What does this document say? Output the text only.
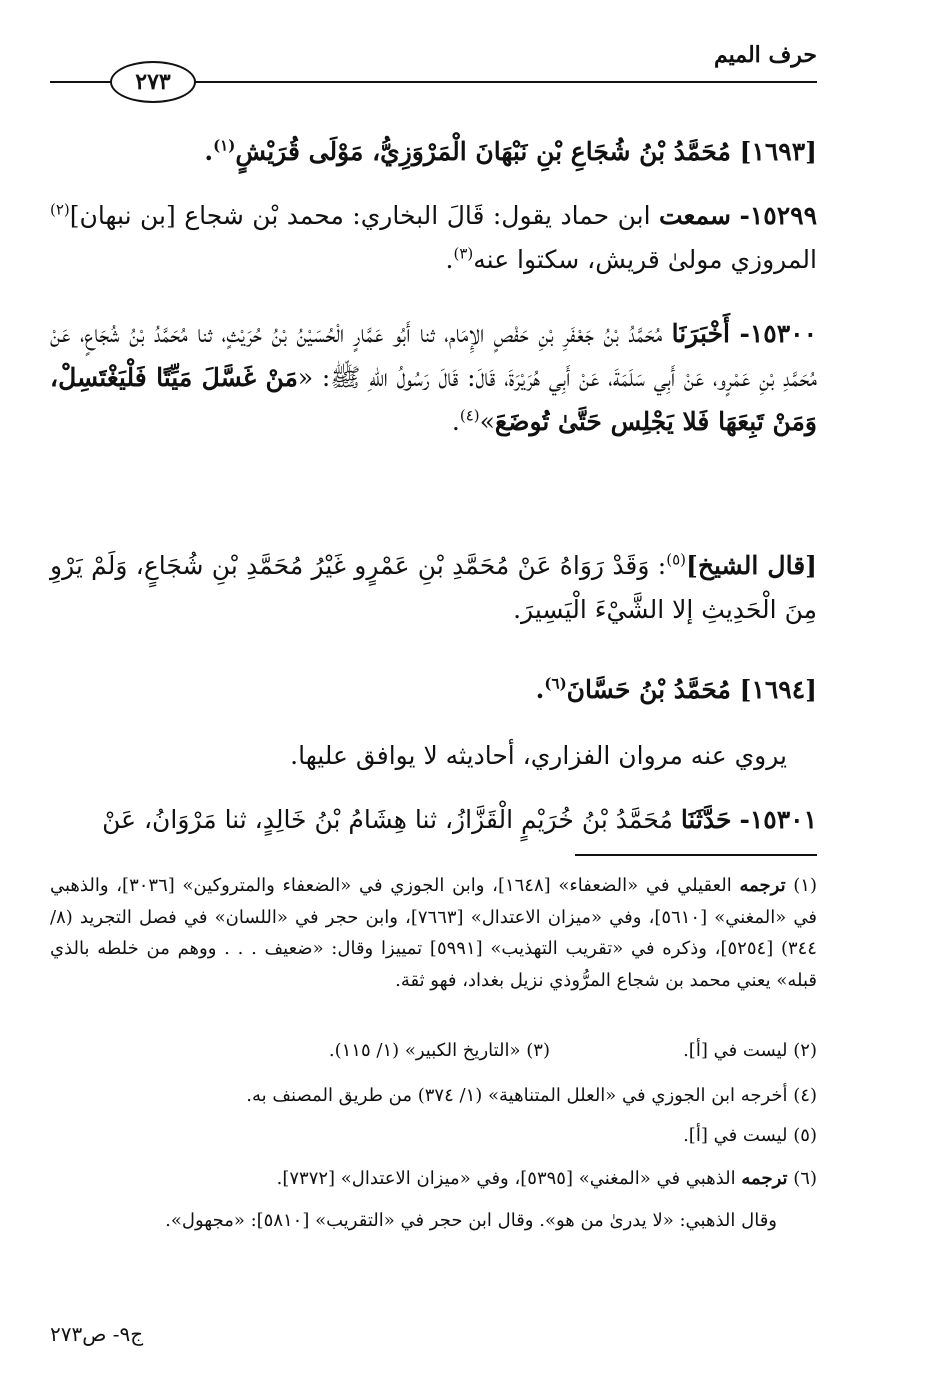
حرف الميم
٢٧٣
[١٦٩٣] مُحَمَّدُ بْنُ شُجَاعِ بْنِ نَبْهَانَ الْمَرْوَزِيُّ، مَوْلَى قُرَيْشٍ$^{(١)}$.
١٥٢٩٩- سمعت ابن حماد يقول: قَالَ البخاري: محمد بْن شجاع [بن نبهان]$^{(٢)}$ المروزي مولىٰ قريش، سكتوا عنه$^{(٣)}$.
١٥٣٠٠- أَخْبَرَنَا مُحَمَّدُ بْنُ جَعْفَرِ بْنِ حَفْصٍ الإِمَام، ثنا أَبُو عَمَّارٍ الْحُسَيْنُ بْنُ حُرَيْثٍ، ثنا مُحَمَّدُ بْنُ شُجَاعٍ، عَنْ مُحَمَّدِ بْنِ عَمْرٍو، عَنْ أَبِي سَلَمَةَ، عَنْ أَبِي هُرَيْرَةَ، قَالَ: قَالَ رَسُولُ اللهِ ﷺ: «مَنْ غَسَّلَ مَيِّتًا فَلْيَغْتَسِلْ، وَمَنْ تَبِعَهَا فَلا يَجْلِس حَتَّىٰ تُوضَعَ»$^{(٤)}$.
[قال الشيخ]$^{(٥)}$: وَقَدْ رَوَاهُ عَنْ مُحَمَّدِ بْنِ عَمْرٍو غَيْرُ مُحَمَّدِ بْنِ شُجَاعٍ، وَلَمْ يَرْوِ مِنَ الْحَدِيثِ إلا الشَّيْءَ الْيَسِيرَ.
[١٦٩٤] مُحَمَّدُ بْنُ حَسَّانَ$^{(٦)}$.
يروي عنه مروان الفزاري، أحاديثه لا يوافق عليها.
١٥٣٠١- حَدَّثَنَا مُحَمَّدُ بْنُ خُرَيْمٍ الْقَزَّازُ، ثنا هِشَامُ بْنُ خَالِدٍ، ثنا مَرْوَانُ، عَنْ
(١) ترجمه العقيلي في «الضعفاء» [١٦٤٨]، وابن الجوزي في «الضعفاء والمتروكين» [٣٠٣٦]، والذهبي في «المغني» [٥٦١٠]، وفي «ميزان الاعتدال» [٧٦٦٣]، وابن حجر في «اللسان» في فصل التجريد (٨/ ٣٤٤) [٥٢٥٤]، وذكره في «تقريب التهذيب» [٥٩٩١] تمييزا وقال: «ضعيف . . . ووهم من خلطه بالذي قبله» يعني محمد بن شجاع المرُّوذي نزيل بغداد، فهو ثقة.
(٢) ليست في [أ].
(٣) «التاريخ الكبير» (١/ ١١٥).
(٤) أخرجه ابن الجوزي في «العلل المتناهية» (١/ ٣٧٤) من طريق المصنف به.
(٥) ليست في [أ].
(٦) ترجمه الذهبي في «المغني» [٥٣٩٥]، وفي «ميزان الاعتدال» [٧٣٧٢].
وقال الذهبي: «لا يدرىٰ من هو». وقال ابن حجر في «التقريب» [٥٨١٠]: «مجهول».
ج٩- ص٢٧٣
